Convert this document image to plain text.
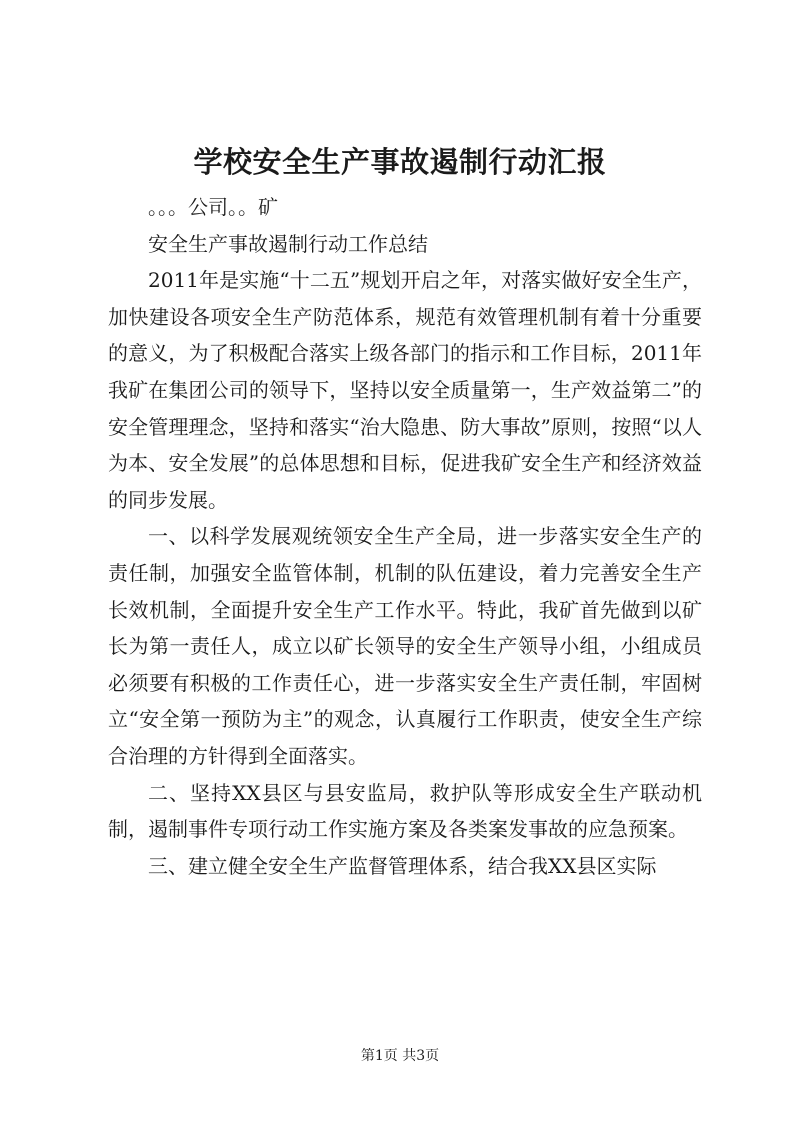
学校安全生产事故遏制行动汇报

。。。公司。。矿

安全生产事故遏制行动工作总结

2011年是实施“十二五”规划开启之年，对落实做好安全生产，加快建设各项安全生产防范体系，规范有效管理机制有着十分重要的意义，为了积极配合落实上级各部门的指示和工作目标，2011年我矿在集团公司的领导下，坚持以安全质量第一，生产效益第二”的安全管理理念，坚持和落实“治大隐患、防大事故”原则，按照“以人为本、安全发展”的总体思想和目标，促进我矿安全生产和经济效益的同步发展。

一、以科学发展观统领安全生产全局，进一步落实安全生产的责任制，加强安全监管体制，机制的队伍建设，着力完善安全生产长效机制，全面提升安全生产工作水平。特此，我矿首先做到以矿长为第一责任人，成立以矿长领导的安全生产领导小组，小组成员必须要有积极的工作责任心，进一步落实安全生产责任制，牢固树立“安全第一预防为主”的观念，认真履行工作职责，使安全生产综合治理的方针得到全面落实。

二、坚持XX县区与县安监局，救护队等形成安全生产联动机制，遏制事件专项行动工作实施方案及各类案发事故的应急预案。

三、建立健全安全生产监督管理体系，结合我XX县区实际

第1页 共3页
